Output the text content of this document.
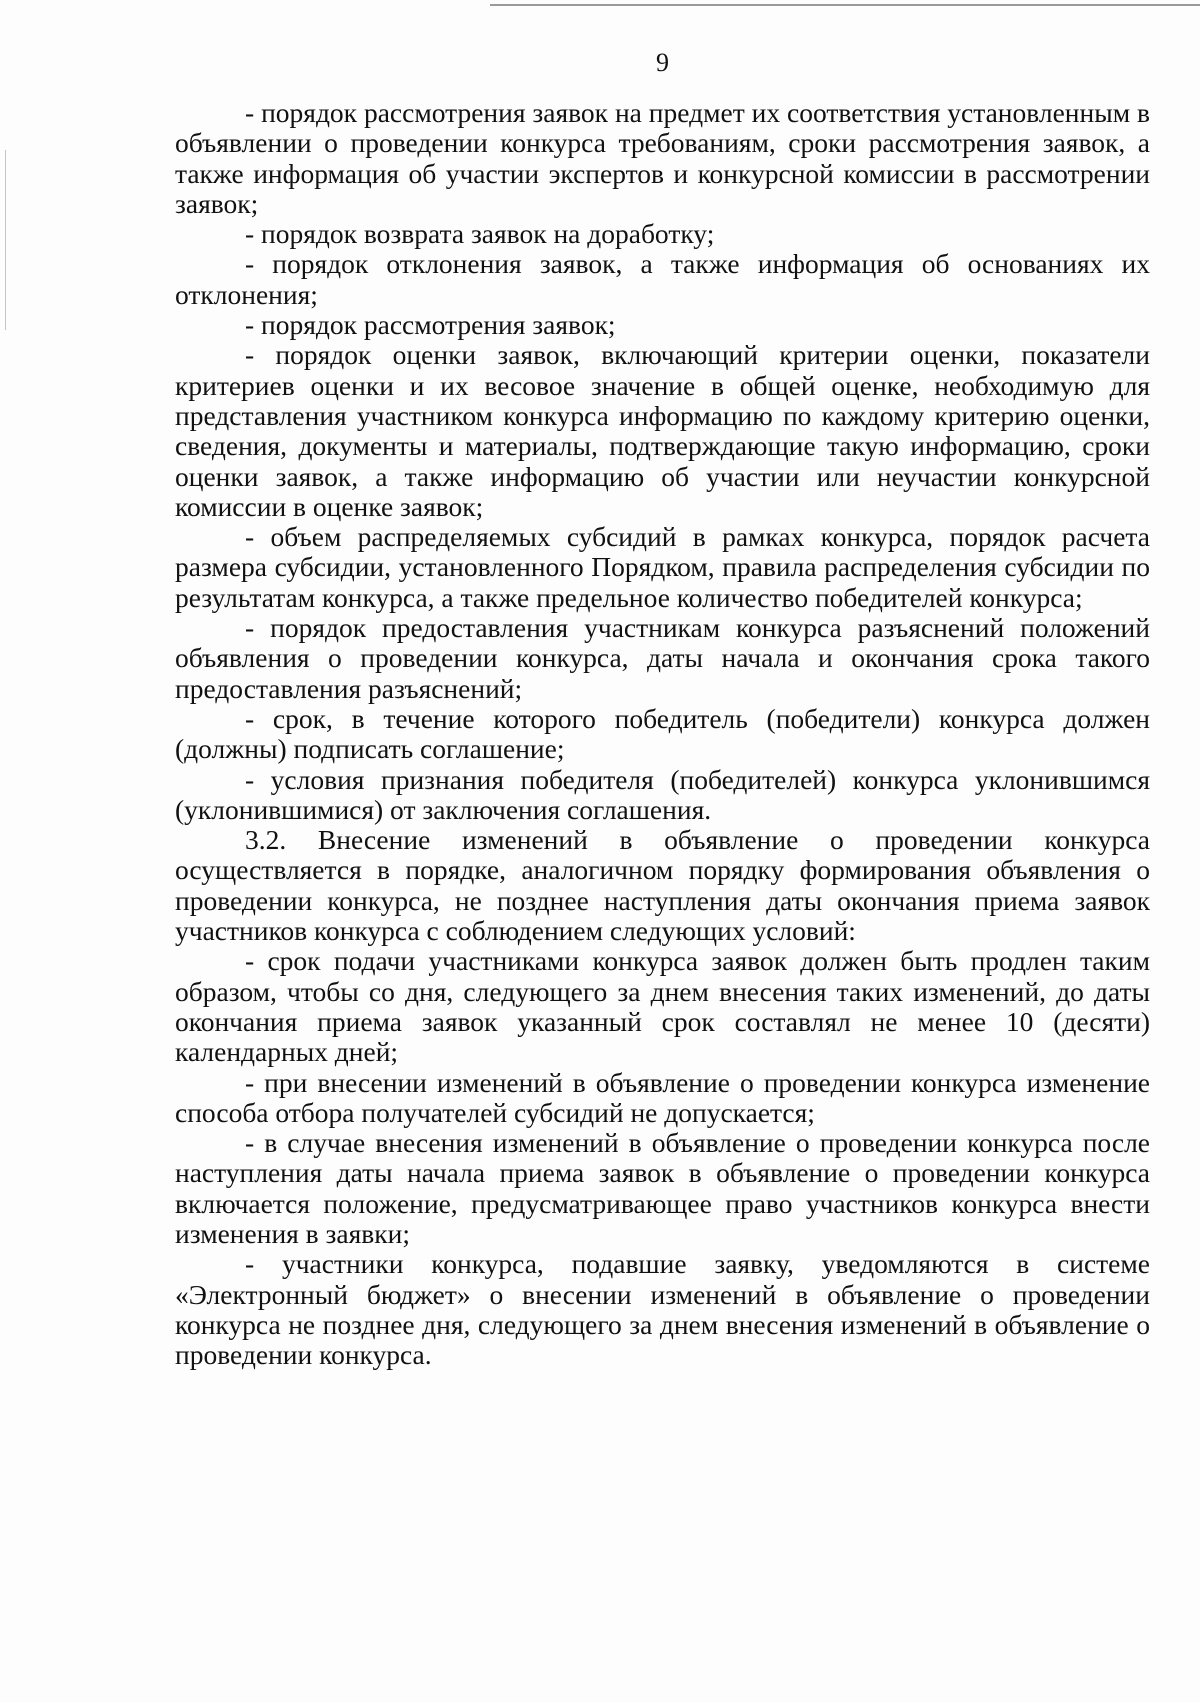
9

- порядок рассмотрения заявок на предмет их соответствия установленным в объявлении о проведении конкурса требованиям, сроки рассмотрения заявок, а также информация об участии экспертов и конкурсной комиссии в рассмотрении заявок;

- порядок возврата заявок на доработку;

- порядок отклонения заявок, а также информация об основаниях их отклонения;

- порядок рассмотрения заявок;

- порядок оценки заявок, включающий критерии оценки, показатели критериев оценки и их весовое значение в общей оценке, необходимую для представления участником конкурса информацию по каждому критерию оценки, сведения, документы и материалы, подтверждающие такую информацию, сроки оценки заявок, а также информацию об участии или неучастии конкурсной комиссии в оценке заявок;

- объем распределяемых субсидий в рамках конкурса, порядок расчета размера субсидии, установленного Порядком, правила распределения субсидии по результатам конкурса, а также предельное количество победителей конкурса;

- порядок предоставления участникам конкурса разъяснений положений объявления о проведении конкурса, даты начала и окончания срока такого предоставления разъяснений;

- срок, в течение которого победитель (победители) конкурса должен (должны) подписать соглашение;

- условия признания победителя (победителей) конкурса уклонившимся (уклонившимися) от заключения соглашения.

3.2. Внесение изменений в объявление о проведении конкурса осуществляется в порядке, аналогичном порядку формирования объявления о проведении конкурса, не позднее наступления даты окончания приема заявок участников конкурса с соблюдением следующих условий:

- срок подачи участниками конкурса заявок должен быть продлен таким образом, чтобы со дня, следующего за днем внесения таких изменений, до даты окончания приема заявок указанный срок составлял не менее 10 (десяти) календарных дней;

- при внесении изменений в объявление о проведении конкурса изменение способа отбора получателей субсидий не допускается;

- в случае внесения изменений в объявление о проведении конкурса после наступления даты начала приема заявок в объявление о проведении конкурса включается положение, предусматривающее право участников конкурса внести изменения в заявки;

- участники конкурса, подавшие заявку, уведомляются в системе «Электронный бюджет» о внесении изменений в объявление о проведении конкурса не позднее дня, следующего за днем внесения изменений в объявление о проведении конкурса.
